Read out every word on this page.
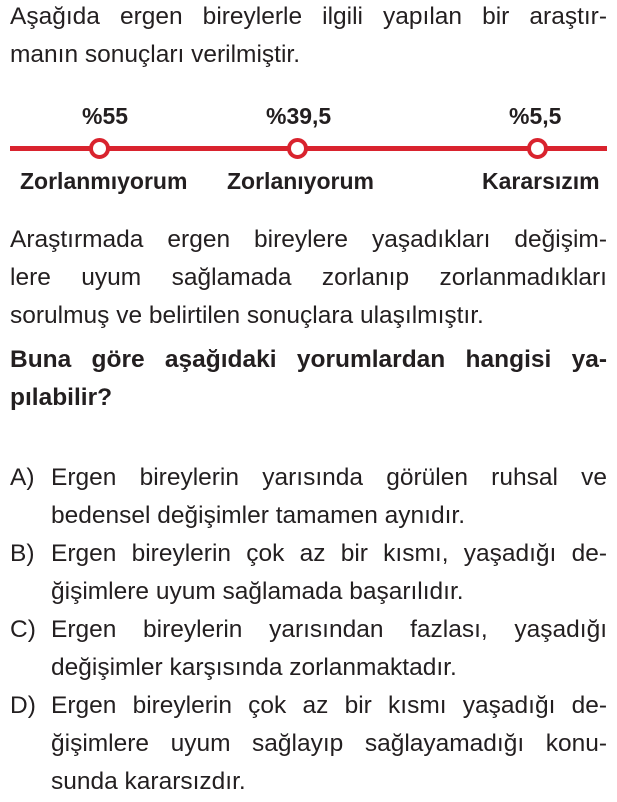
Aşağıda ergen bireylerle ilgili yapılan bir araştır-
manın sonuçları verilmiştir.
%55	%39,5	%5,5
Zorlanmıyorum Zorlanıyorum	Kararsızım
Araştırmada ergen bireylere yaşadıkları değişim-
lere uyum sağlamada zorlanıp zorlanmadıkları
sorulmuş ve belirtilen sonuçlara ulaşılmıştır.
Buna göre aşağıdaki yorumlardan hangisi ya-
pılabilir?
A) Ergen bireylerin yarısında görülen ruhsal ve
bedensel değişimler tamamen aynıdır.
B) Ergen bireylerin çok az bir kısmı, yaşadığı de-
ğişimlere uyum sağlamada başarılıdır.
C) Ergen bireylerin yarısından fazlası, yaşadığı
değişimler karşısında zorlanmaktadır.
D) Ergen bireylerin çok az bir kısmı yaşadığı de-
ğişimlere uyum sağlayıp sağlayamadığı konu-
sunda kararsızdır.
